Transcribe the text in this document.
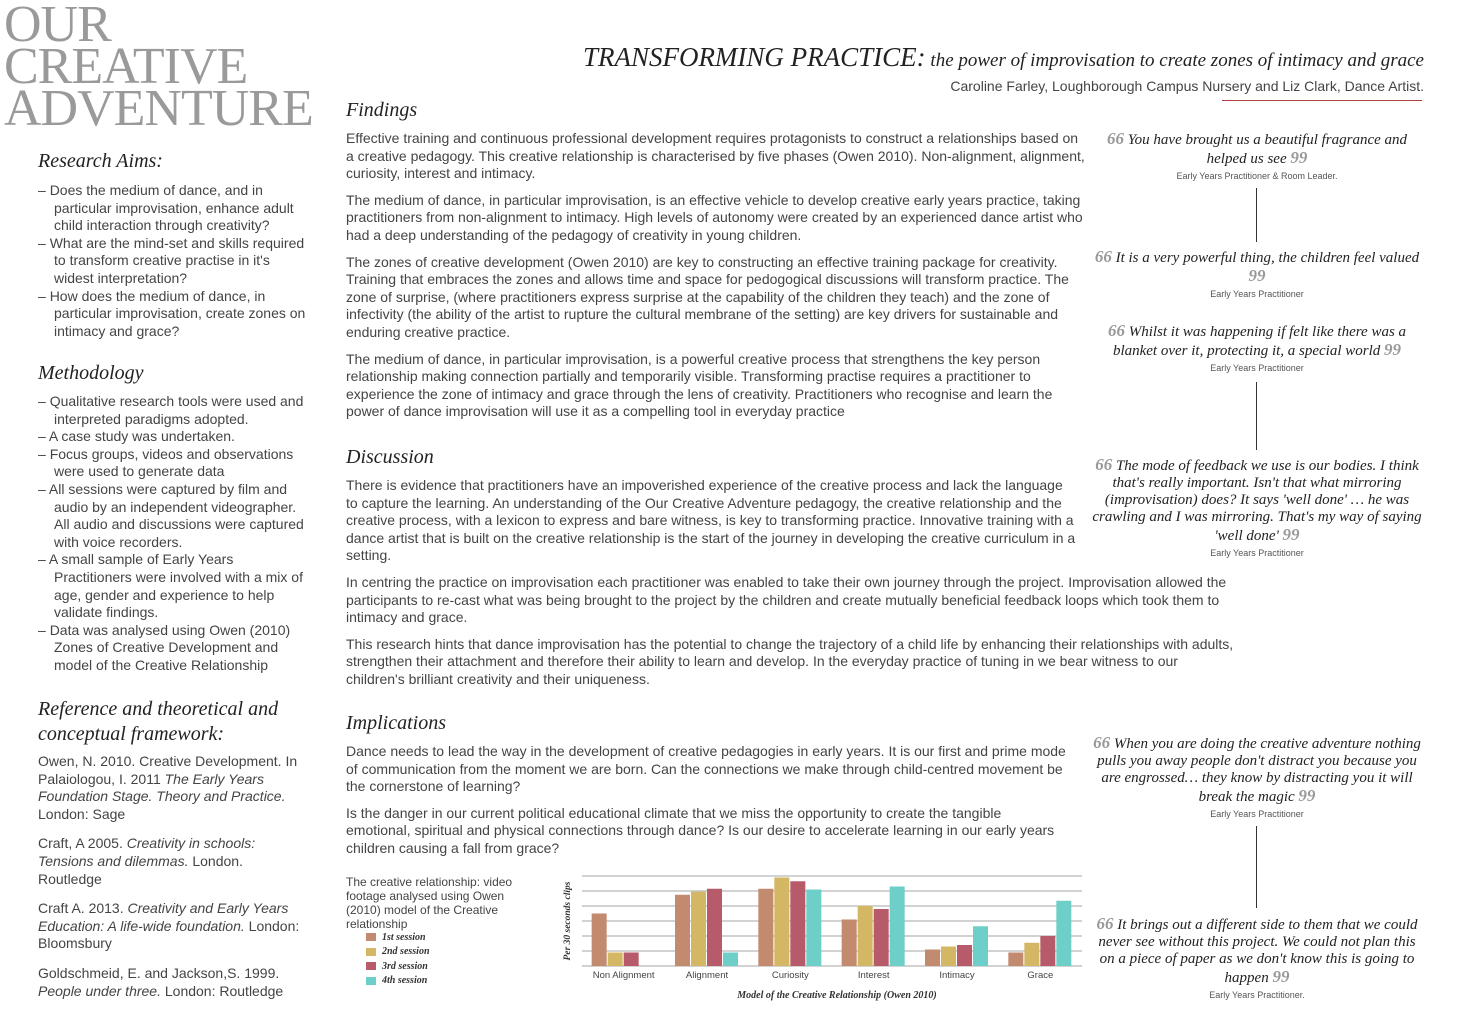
OUR
CREATIVE
ADVENTURE
TRANSFORMING PRACTICE: the power of improvisation to create zones of intimacy and grace
Caroline Farley, Loughborough Campus Nursery and Liz Clark, Dance Artist.
Research Aims:
– Does the medium of dance, and in particular improvisation, enhance adult child interaction through creativity?
– What are the mind-set and skills required to transform creative practise in it's widest interpretation?
– How does the medium of dance, in particular improvisation, create zones on intimacy and grace?
Methodology
– Qualitative research tools were used and interpreted paradigms adopted.
– A case study was undertaken.
– Focus groups, videos and observations were used to generate data
– All sessions were captured by film and audio by an independent videographer. All audio and discussions were captured with voice recorders.
– A small sample of Early Years Practitioners were involved with a mix of age, gender and experience to help validate findings.
– Data was analysed using Owen (2010) Zones of Creative Development and model of the Creative Relationship
Reference and theoretical and
conceptual framework:

Owen, N. 2010. Creative Development. In Palaiologou, I. 2011 The Early Years Foundation Stage. Theory and Practice. London: Sage

Craft, A 2005. Creativity in schools: Tensions and dilemmas. London. Routledge

Craft A. 2013. Creativity and Early Years Education: A life-wide foundation. London: Bloomsbury

Goldschmeid, E. and Jackson,S. 1999. People under three. London: Routledge

Findings

Effective training and continuous professional development requires protagonists to construct a relationships based on a creative pedagogy. This creative relationship is characterised by five phases (Owen 2010). Non-alignment, alignment, curiosity, interest and intimacy.

The medium of dance, in particular improvisation, is an effective vehicle to develop creative early years practice, taking practitioners from non-alignment to intimacy. High levels of autonomy were created by an experienced dance artist who had a deep understanding of the pedagogy of creativity in young children.

The zones of creative development (Owen 2010) are key to constructing an effective training package for creativity. Training that embraces the zones and allows time and space for pedogogical discussions will transform practice. The zone of surprise, (where practitioners express surprise at the capability of the children they teach) and the zone of infectivity (the ability of the artist to rupture the cultural membrane of the setting) are key drivers for sustainable and enduring creative practice.

The medium of dance, in particular improvisation, is a powerful creative process that strengthens the key person relationship making connection partially and temporarily visible. Transforming practise requires a practitioner to experience the zone of intimacy and grace through the lens of creativity. Practitioners who recognise and learn the power of dance improvisation will use it as a compelling tool in everyday practice

Discussion

There is evidence that practitioners have an impoverished experience of the creative process and lack the language to capture the learning. An understanding of the Our Creative Adventure pedagogy, the creative relationship and the creative process, with a lexicon to express and bare witness, is key to transforming practice. Innovative training with a dance artist that is built on the creative relationship is the start of the journey in developing the creative curriculum in a setting.

In centring the practice on improvisation each practitioner was enabled to take their own journey through the project. Improvisation allowed the participants to re-cast what was being brought to the project by the children and create mutually beneficial feedback loops which took them to intimacy and grace.

This research hints that dance improvisation has the potential to change the trajectory of a child life by enhancing their relationships with adults, strengthen their attachment and therefore their ability to learn and develop. In the everyday practice of tuning in we bear witness to our children's brilliant creativity and their uniqueness.

Implications

Dance needs to lead the way in the development of creative pedagogies in early years. It is our first and prime mode of communication from the moment we are born. Can the connections we make through child-centred movement be the cornerstone of learning?

Is the danger in our current political educational climate that we miss the opportunity to create the tangible emotional, spiritual and physical connections through dance? Is our desire to accelerate learning in our early years children causing a fall from grace?

66 You have brought us a beautiful fragrance and helped us see 99
Early Years Practitioner & Room Leader.
66 It is a very powerful thing, the children feel valued 99
Early Years Practitioner
66 Whilst it was happening if felt like there was a blanket over it, protecting it, a special world 99
Early Years Practitioner
66 The mode of feedback we use is our bodies. I think that's really important. Isn't that what mirroring (improvisation) does? It says 'well done' … he was crawling and I was mirroring. That's my way of saying 'well done' 99
Early Years Practitioner
66 When you are doing the creative adventure nothing pulls you away people don't distract you because you are engrossed… they know by distracting you it will break the magic 99
Early Years Practitioner
66 It brings out a different side to them that we could never see without this project. We could not plan this on a piece of paper as we don't know this is going to happen 99
Early Years Practitioner.
The creative relationship: video footage analysed using Owen (2010) model of the Creative relationship
1st session
2nd session
3rd session
4th session	Non Alignment	Alignment	Curiosity	Interest	Intimacy	Grace
Per 30 seconds clips
Model of the Creative Relationship (Owen 2010)
